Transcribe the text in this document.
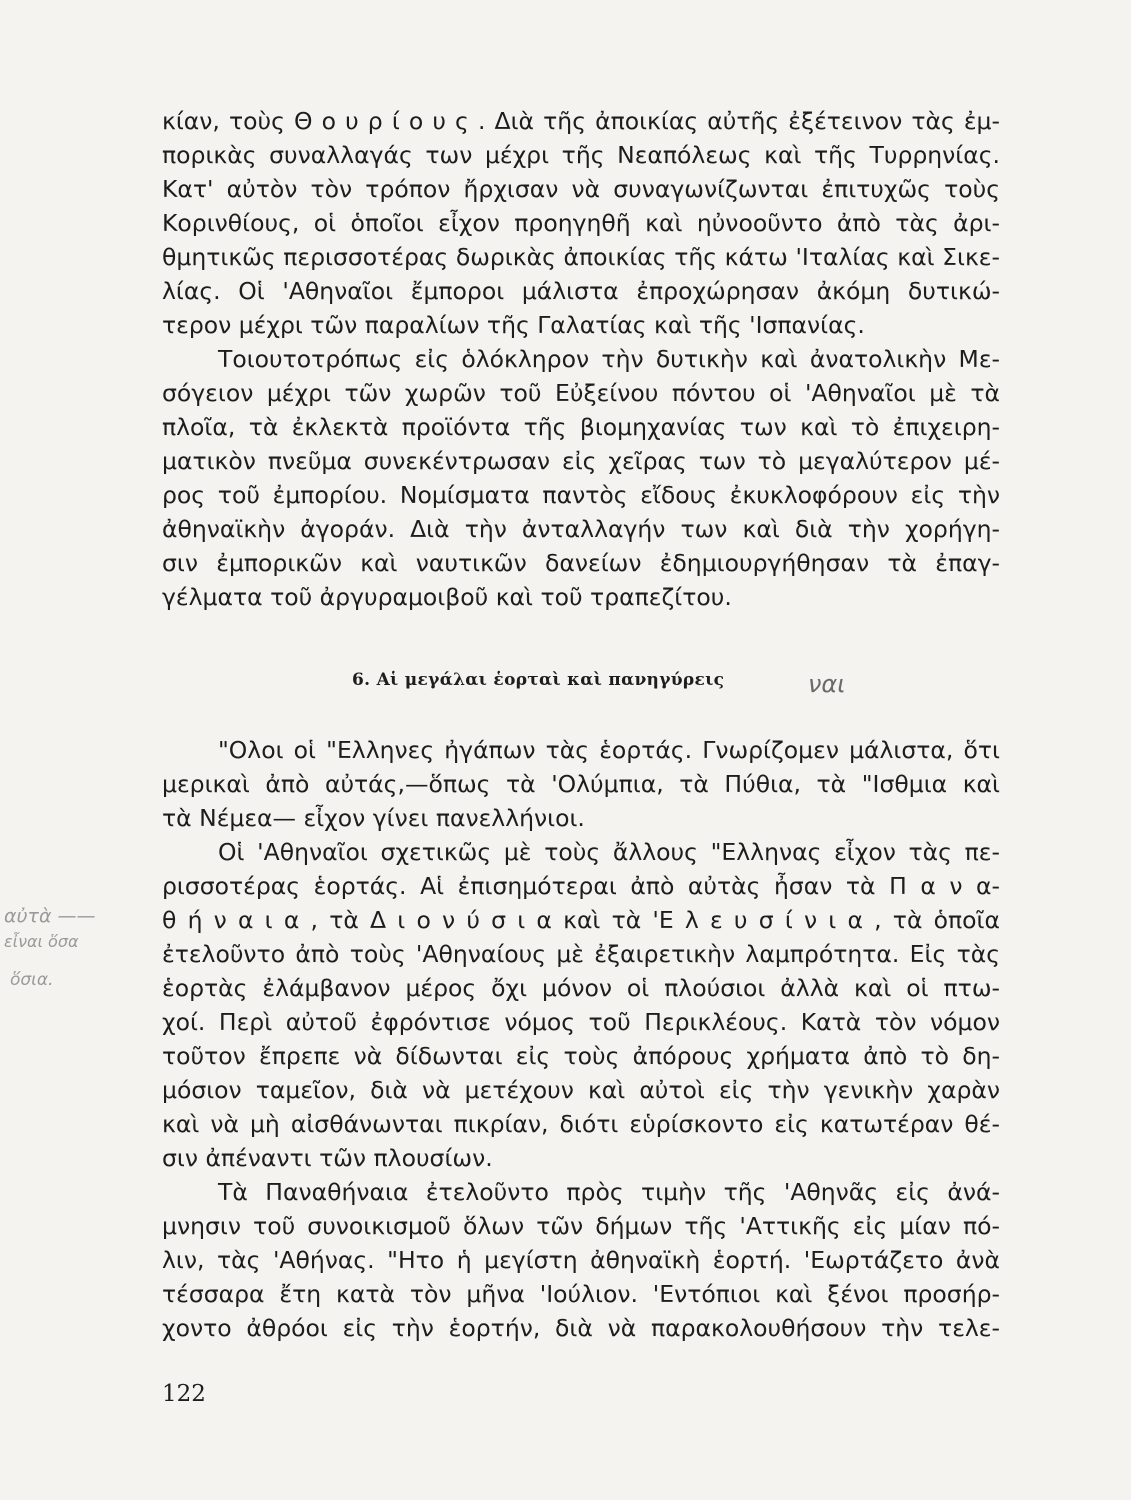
κίαν, τοὺς Θ ο υ ρ ί ο υ ς . Διὰ τῆς ἀποικίας αὐτῆς ἐξέτεινον τὰς ἐμ-
πορικὰς συναλλαγάς των μέχρι τῆς Νεαπόλεως καὶ τῆς Τυρρηνίας.
Κατ' αὐτὸν τὸν τρόπον ἤρχισαν νὰ συναγωνίζωνται ἐπιτυχῶς τοὺς
Κορινθίους, οἱ ὁποῖοι εἶχον προηγηθῆ καὶ ηὐνοοῦντο ἀπὸ τὰς ἀρι-
θμητικῶς περισσοτέρας δωρικὰς ἀποικίας τῆς κάτω 'Ιταλίας καὶ Σικε-
λίας. Οἱ 'Αθηναῖοι ἔμποροι μάλιστα ἐπροχώρησαν ἀκόμη δυτικώ-
τερον μέχρι τῶν παραλίων τῆς Γαλατίας καὶ τῆς 'Ισπανίας.
Τοιουτοτρόπως εἰς ὁλόκληρον τὴν δυτικὴν καὶ ἀνατολικὴν Με-
σόγειον μέχρι τῶν χωρῶν τοῦ Εὐξείνου πόντου οἱ 'Αθηναῖοι μὲ τὰ
πλοῖα, τὰ ἐκλεκτὰ προϊόντα τῆς βιομηχανίας των καὶ τὸ ἐπιχειρη-
ματικὸν πνεῦμα συνεκέντρωσαν εἰς χεῖρας των τὸ μεγαλύτερον μέ-
ρος τοῦ ἐμπορίου. Νομίσματα παντὸς εἴδους ἐκυκλοφόρουν εἰς τὴν
ἀθηναϊκὴν ἀγοράν. Διὰ τὴν ἀνταλλαγήν των καὶ διὰ τὴν χορήγη-
σιν ἐμπορικῶν καὶ ναυτικῶν δανείων ἐδημιουργήθησαν τὰ ἐπαγ-
γέλματα τοῦ ἀργυραμοιβοῦ καὶ τοῦ τραπεζίτου.
6. Αἱ μεγάλαι ἑορταὶ καὶ πανηγύρεις	ναι
"Ολοι οἱ "Ελληνες ἠγάπων τὰς ἑορτάς. Γνωρίζομεν μάλιστα, ὅτι
μερικαὶ ἀπὸ αὐτάς,—ὅπως τὰ 'Ολύμπια, τὰ Πύθια, τὰ "Ισθμια καὶ
τὰ Νέμεα— εἶχον γίνει πανελλήνιοι.
Οἱ 'Αθηναῖοι σχετικῶς μὲ τοὺς ἄλλους "Ελληνας εἶχον τὰς πε-
ρισσοτέρας ἑορτάς. Αἱ ἐπισημότεραι ἀπὸ αὐτὰς ἦσαν τὰ Π α ν α-
θ ή ν α ι α , τὰ Δ ι ο ν ύ σ ι α καὶ τὰ 'Ε λ ε υ σ ί ν ι α , τὰ ὁποῖα
ἐτελοῦντο ἀπὸ τοὺς 'Αθηναίους μὲ ἐξαιρετικὴν λαμπρότητα. Εἰς τὰς
ἑορτὰς ἐλάμβανον μέρος ὄχι μόνον οἱ πλούσιοι ἀλλὰ καὶ οἱ πτω-
χοί. Περὶ αὐτοῦ ἐφρόντισε νόμος τοῦ Περικλέους. Κατὰ τὸν νόμον
τοῦτον ἔπρεπε νὰ δίδωνται εἰς τοὺς ἀπόρους χρήματα ἀπὸ τὸ δη-
μόσιον ταμεῖον, διὰ νὰ μετέχουν καὶ αὐτοὶ εἰς τὴν γενικὴν χαρὰν
καὶ νὰ μὴ αἰσθάνωνται πικρίαν, διότι εὑρίσκοντο εἰς κατωτέραν θέ-
σιν ἀπέναντι τῶν πλουσίων.
Τὰ Παναθήναια ἐτελοῦντο πρὸς τιμὴν τῆς 'Αθηνᾶς εἰς ἀνά-
μνησιν τοῦ συνοικισμοῦ ὅλων τῶν δήμων τῆς 'Αττικῆς εἰς μίαν πό-
λιν, τὰς 'Αθήνας. "Ητο ἡ μεγίστη ἀθηναϊκὴ ἑορτή. 'Εωρτάζετο ἀνὰ
τέσσαρα ἔτη κατὰ τὸν μῆνα 'Ιούλιον. 'Εντόπιοι καὶ ξένοι προσήρ-
χοντο ἀθρόοι εἰς τὴν ἑορτήν, διὰ νὰ παρακολουθήσουν τὴν τελε-
αὐτὰ ——
εἶναι ὅσα
ὅσια.
122
